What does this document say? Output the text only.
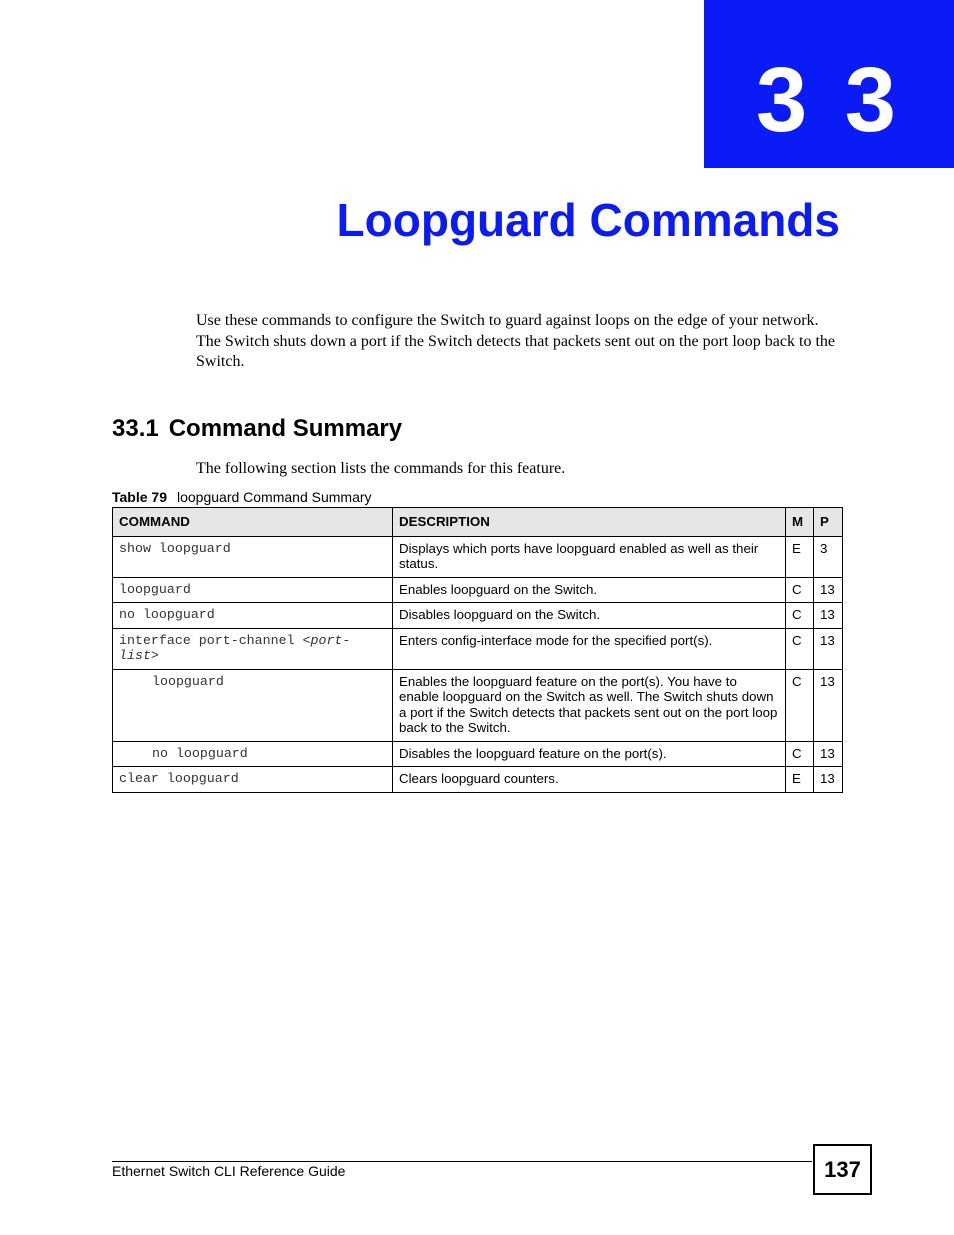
3 3
Loopguard Commands
Use these commands to configure the Switch to guard against loops on the edge of your network. The Switch shuts down a port if the Switch detects that packets sent out on the port loop back to the Switch.
33.1 Command Summary
The following section lists the commands for this feature.
Table 79 loopguard Command Summary
COMMAND	DESCRIPTION	M	P
show loopguard	Displays which ports have loopguard enabled as well as their status.	E	3
loopguard	Enables loopguard on the Switch.	C	13
no loopguard	Disables loopguard on the Switch.	C	13
interface port-channel <port-list>	Enters config-interface mode for the specified port(s).	C	13
loopguard	Enables the loopguard feature on the port(s). You have to enable loopguard on the Switch as well. The Switch shuts down a port if the Switch detects that packets sent out on the port loop back to the Switch.	C	13
no loopguard	Disables the loopguard feature on the port(s).	C	13
clear loopguard	Clears loopguard counters.	E	13
Ethernet Switch CLI Reference Guide	137
